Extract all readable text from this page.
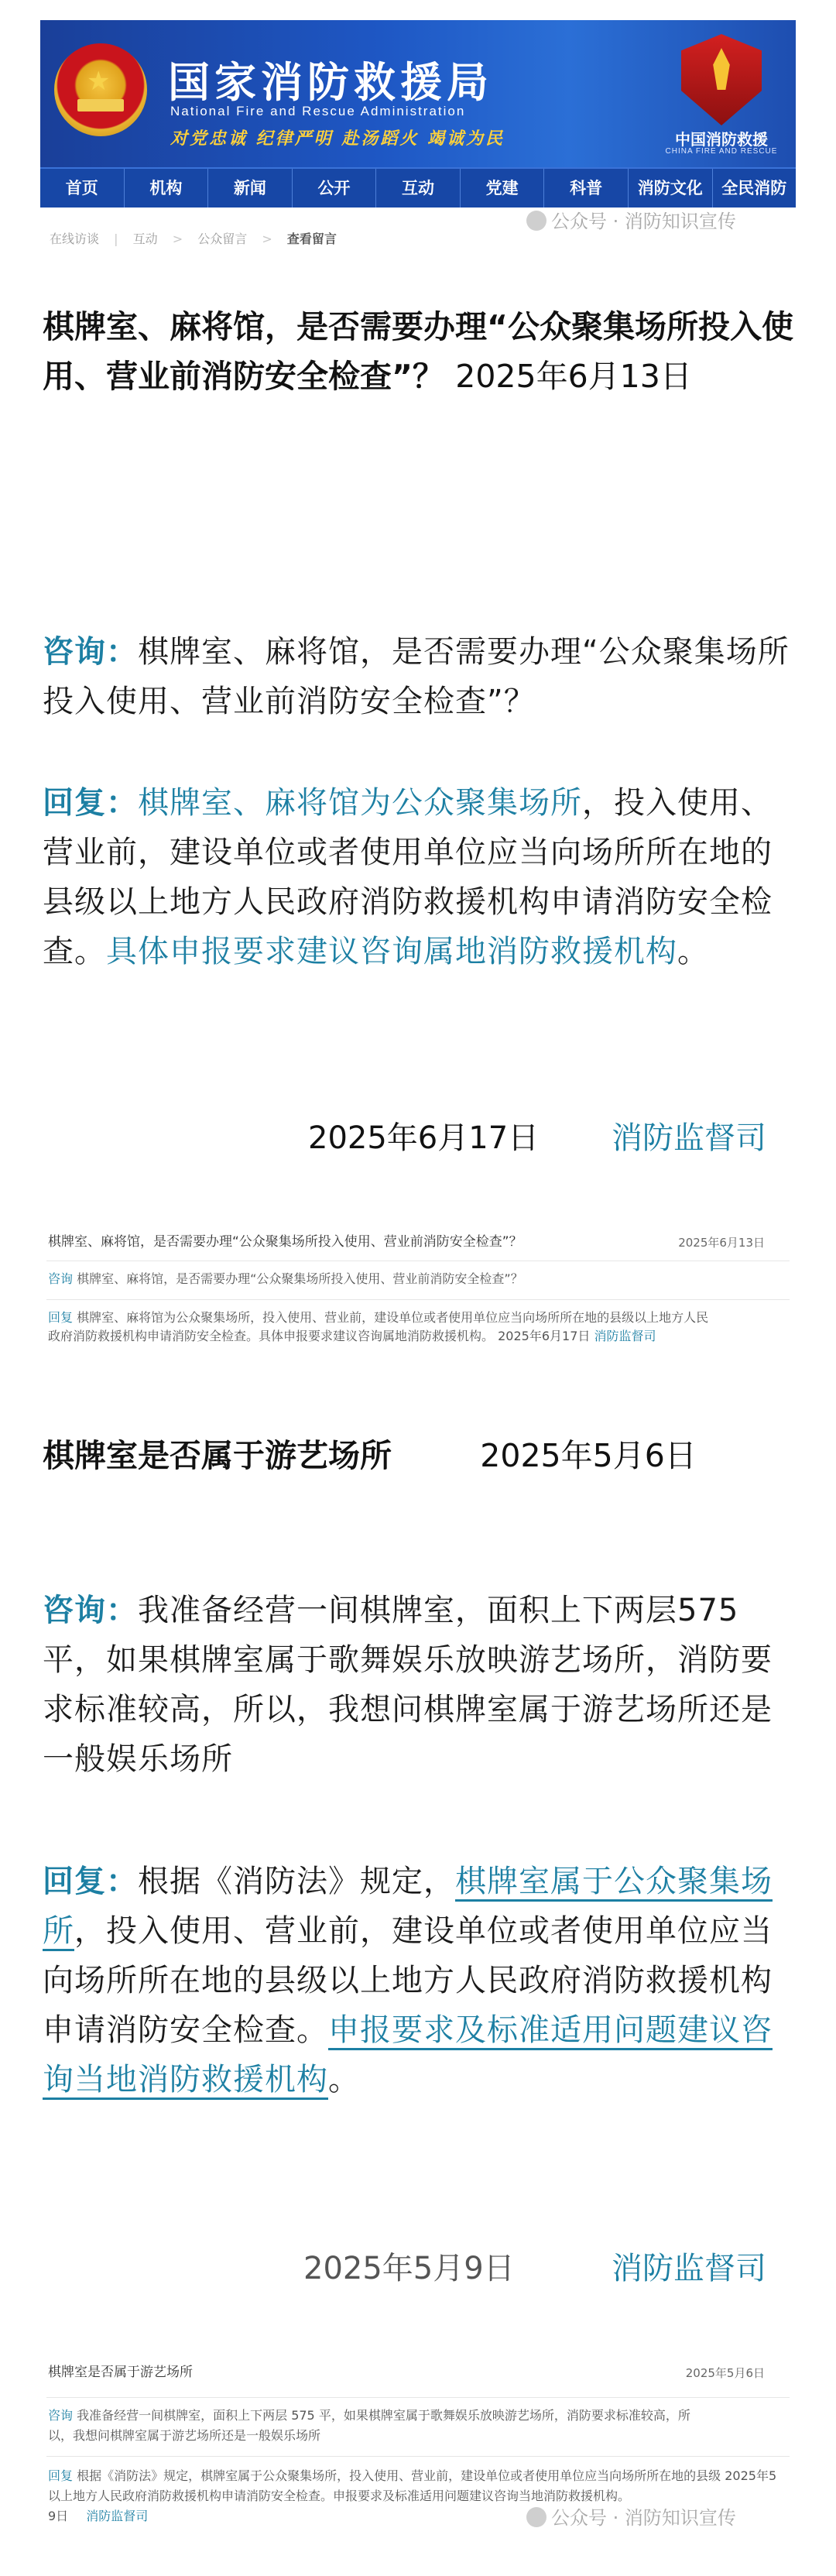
★ 国家消防救援局
National Fire and Rescue Administration
对党忠诚 纪律严明 赴汤蹈火 竭诚为民	中国消防救援
CHINA FIRE AND RESCUE
首页	机构	新闻	公开	互动	党建	科普	消防文化	全民消防
在线访谈 | 互动 > 公众留言 > 查看留言
公众号 · 消防知识宣传
棋牌室、麻将馆，是否需要办理“公众聚集场所投入使用、营业前消防安全检查”？ 2025年6月13日
咨询：棋牌室、麻将馆，是否需要办理“公众聚集场所投入使用、营业前消防安全检查”？
回复：棋牌室、麻将馆为公众聚集场所，投入使用、营业前，建设单位或者使用单位应当向场所所在地的县级以上地方人民政府消防救援机构申请消防安全检查。具体申报要求建议咨询属地消防救援机构。
2025年6月17日 消防监督司
棋牌室、麻将馆，是否需要办理“公众聚集场所投入使用、营业前消防安全检查”？	2025年6月13日
咨询 棋牌室、麻将馆，是否需要办理“公众聚集场所投入使用、营业前消防安全检查”？
回复 棋牌室、麻将馆为公众聚集场所，投入使用、营业前，建设单位或者使用单位应当向场所所在地的县级以上地方人民
政府消防救援机构申请消防安全检查。具体申报要求建议咨询属地消防救援机构。 2025年6月17日 消防监督司
棋牌室是否属于游艺场所	2025年5月6日
咨询：我准备经营一间棋牌室，面积上下两层575平，如果棋牌室属于歌舞娱乐放映游艺场所，消防要求标准较高，所以，我想问棋牌室属于游艺场所还是一般娱乐场所
回复：根据《消防法》规定，棋牌室属于公众聚集场所，投入使用、营业前，建设单位或者使用单位应当向场所所在地的县级以上地方人民政府消防救援机构申请消防安全检查。申报要求及标准适用问题建议咨询当地消防救援机构。
2025年5月9日	消防监督司
棋牌室是否属于游艺场所	2025年5月6日
咨询 我准备经营一间棋牌室，面积上下两层 575 平，如果棋牌室属于歌舞娱乐放映游艺场所，消防要求标准较高，所
以，我想问棋牌室属于游艺场所还是一般娱乐场所
回复 根据《消防法》规定，棋牌室属于公众聚集场所，投入使用、营业前，建设单位或者使用单位应当向场所所在地的县级 2025年5
以上地方人民政府消防救援机构申请消防安全检查。申报要求及标准适用问题建议咨询当地消防救援机构。
9日 消防监督司	公众号 · 消防知识宣传
